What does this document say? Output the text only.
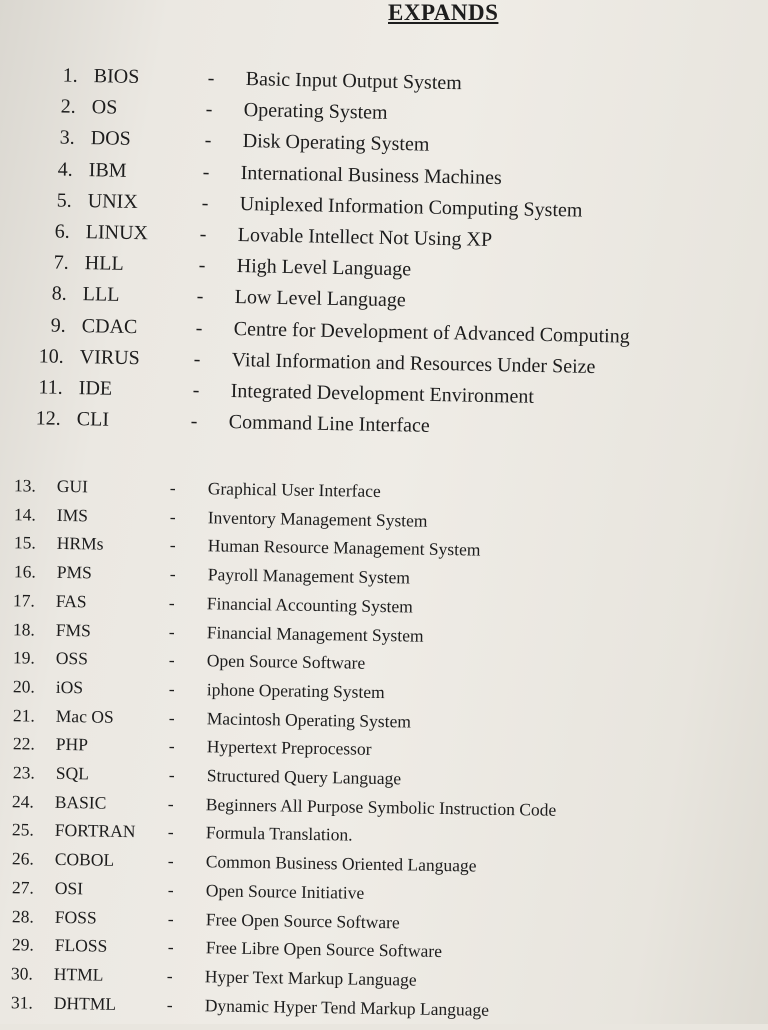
EXPANDS
1. BIOS	- Basic Input Output System
2. OS	- Operating System
3. DOS	- Disk Operating System
4. IBM	- International Business Machines
5. UNIX	- Uniplexed Information Computing System
6. LINUX	- Lovable Intellect Not Using XP
7. HLL	- High Level Language
8. LLL	- Low Level Language
9. CDAC	- Centre for Development of Advanced Computing
10. VIRUS	- Vital Information and Resources Under Seize
11. IDE	- Integrated Development Environment
12. CLI	- Command Line Interface
13. GUI	- Graphical User Interface
14. IMS	- Inventory Management System
15. HRMs	- Human Resource Management System
16. PMS	- Payroll Management System
17. FAS	- Financial Accounting System
18. FMS	- Financial Management System
19. OSS	- Open Source Software
20. iOS	- iphone Operating System
21. Mac OS	- Macintosh Operating System
22. PHP	- Hypertext Preprocessor
23. SQL	- Structured Query Language
24. BASIC	- Beginners All Purpose Symbolic Instruction Code
25. FORTRAN - Formula Translation.
26. COBOL	- Common Business Oriented Language
27. OSI	- Open Source Initiative
28. FOSS	- Free Open Source Software
29. FLOSS	- Free Libre Open Source Software
30. HTML	- Hyper Text Markup Language
31. DHTML	- Dynamic Hyper Tend Markup Language
